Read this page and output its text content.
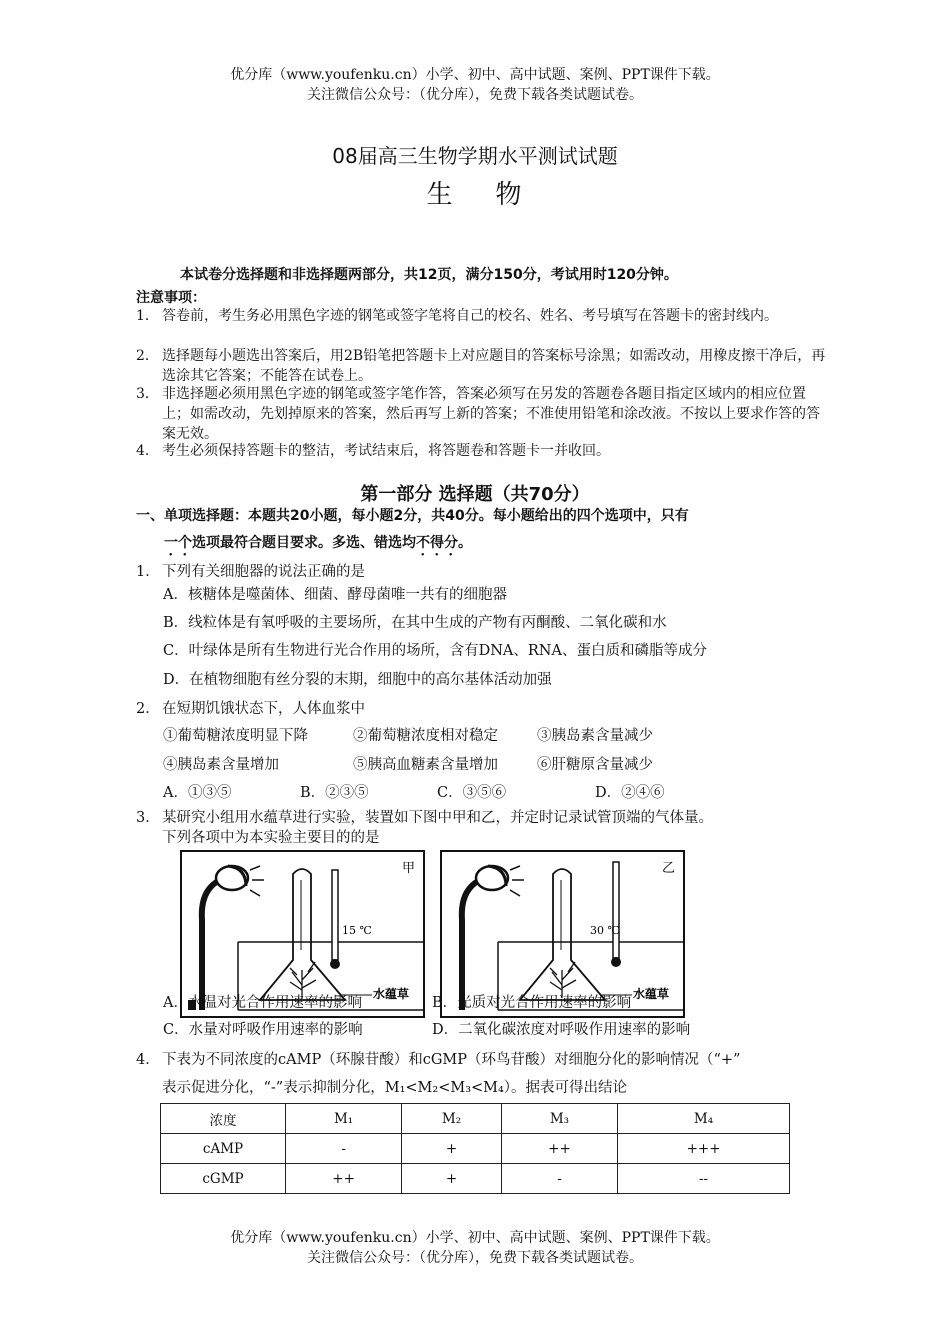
优分库（www.youfenku.cn）小学、初中、高中试题、案例、PPT课件下载。
关注微信公众号：（优分库），免费下载各类试题试卷。
08届高三生物学期水平测试试题
生    物
本试卷分选择题和非选择题两部分，共12页，满分150分，考试用时120分钟。
注意事项：
1． 答卷前，考生务必用黑色字迹的钢笔或签字笔将自己的校名、姓名、考号填写在答题卡的密封线内。
2． 选择题每小题选出答案后，用2B铅笔把答题卡上对应题目的答案标号涂黑；如需改动，用橡皮擦干净后，再选涂其它答案；不能答在试卷上。
3． 非选择题必须用黑色字迹的钢笔或签字笔作答，答案必须写在另发的答题卷各题目指定区域内的相应位置上；如需改动，先划掉原来的答案，然后再写上新的答案；不准使用铅笔和涂改液。不按以上要求作答的答案无效。
4． 考生必须保持答题卡的整洁，考试结束后，将答题卷和答题卡一并收回。
第一部分 选择题（共70分）
一、单项选择题：本题共20小题，每小题2分，共40分。每小题给出的四个选项中，只有
一个选项最符合题目要求。多选、错选均不得分。
1． 下列有关细胞器的说法正确的是
A．核糖体是噬菌体、细菌、酵母菌唯一共有的细胞器
B．线粒体是有氧呼吸的主要场所，在其中生成的产物有丙酮酸、二氧化碳和水
C．叶绿体是所有生物进行光合作用的场所，含有DNA、RNA、蛋白质和磷脂等成分
D．在植物细胞有丝分裂的末期，细胞中的高尔基体活动加强
2． 在短期饥饿状态下，人体血浆中
①葡萄糖浓度明显下降	②葡萄糖浓度相对稳定	③胰岛素含量减少
④胰岛素含量增加	⑤胰高血糖素含量增加	⑥肝糖原含量减少
A．①③⑤	B．②③⑤	C．③⑤⑥	D．②④⑥
3． 某研究小组用水蕴草进行实验，装置如下图中甲和乙，并定时记录试管顶端的气体量。
下列各项中为本实验主要目的的是
甲
15 ℃
水蕴草
乙
30 ℃
水蕴草
A．水温对光合作用速率的影响	B．光质对光合作用速率的影响
C．水量对呼吸作用速率的影响	D．二氧化碳浓度对呼吸作用速率的影响
4． 下表为不同浓度的cAMP（环腺苷酸）和cGMP（环鸟苷酸）对细胞分化的影响情况（“+”
表示促进分化，“-”表示抑制分化，M₁<M₂<M₃<M₄）。据表可得出结论
浓度	M₁	M₂	M₃	M₄
cAMP	-	+	++	+++
cGMP	++	+	-	--
优分库（www.youfenku.cn）小学、初中、高中试题、案例、PPT课件下载。
关注微信公众号：（优分库），免费下载各类试题试卷。
